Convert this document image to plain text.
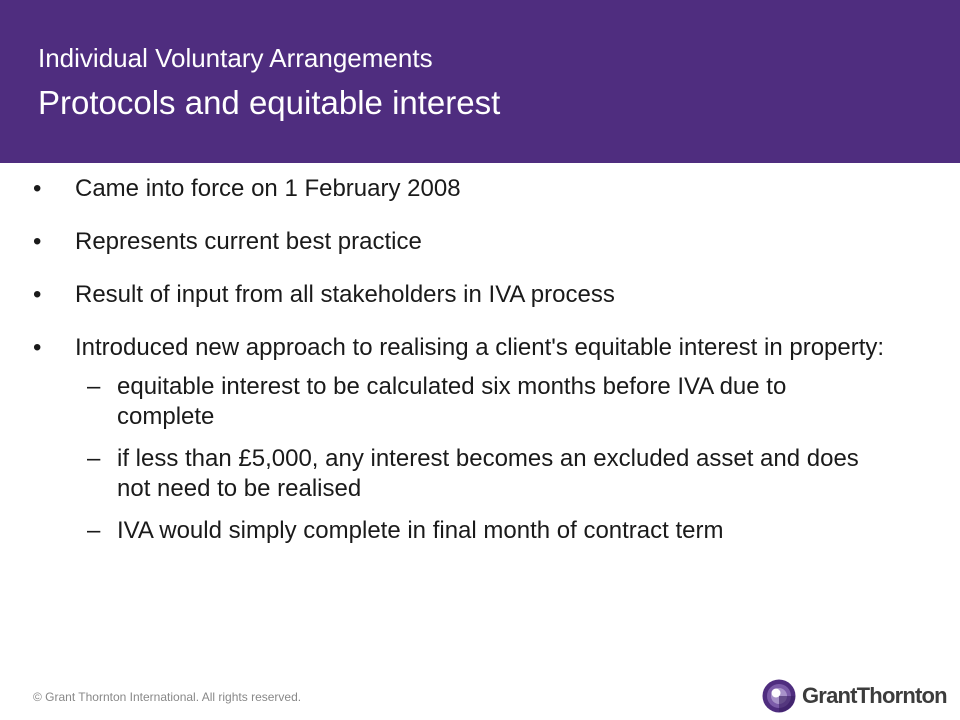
Individual Voluntary Arrangements
Protocols and equitable interest
• Came into force on 1 February 2008
• Represents current best practice
• Result of input from all stakeholders in IVA process
• Introduced new approach to realising a client's equitable interest in property:
– equitable interest to be calculated six months before IVA due to complete
– if less than £5,000, any interest becomes an excluded asset and does not need to be realised
– IVA would simply complete in final month of contract term
© Grant Thornton International. All rights reserved.	GrantThornton
